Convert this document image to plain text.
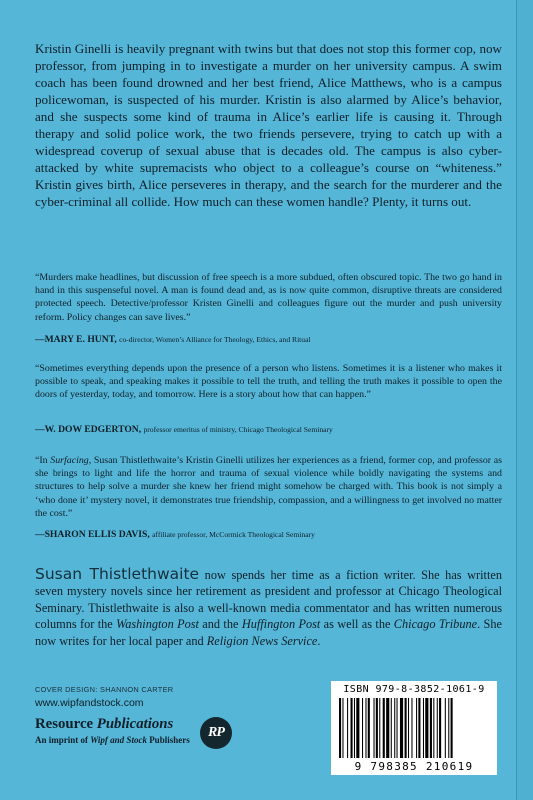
Kristin Ginelli is heavily pregnant with twins but that does not stop this former cop, now professor, from jumping in to investigate a murder on her university campus. A swim coach has been found drowned and her best friend, Alice Matthews, who is a campus policewoman, is suspected of his murder. Kristin is also alarmed by Alice’s behavior, and she suspects some kind of trauma in Alice’s earlier life is causing it. Through therapy and solid police work, the two friends persevere, trying to catch up with a widespread coverup of sexual abuse that is decades old. The campus is also cyber-attacked by white supremacists who object to a colleague’s course on “whiteness.” Kristin gives birth, Alice perseveres in therapy, and the search for the murderer and the cyber-criminal all collide. How much can these women handle? Plenty, it turns out.

“Murders make headlines, but discussion of free speech is a more subdued, often obscured topic. The two go hand in hand in this suspenseful novel. A man is found dead and, as is now quite common, disruptive threats are considered protected speech. Detective/professor Kristen Ginelli and colleagues figure out the murder and push university reform. Policy changes can save lives.”

—MARY E. HUNT, co-director, Women’s Alliance for Theology, Ethics, and Ritual

“Sometimes everything depends upon the presence of a person who listens. Sometimes it is a listener who makes it possible to speak, and speaking makes it possible to tell the truth, and telling the truth makes it possible to open the doors of yesterday, today, and tomorrow. Here is a story about how that can happen.”

—W. DOW EDGERTON, professor emeritus of ministry, Chicago Theological Seminary

“In Surfacing, Susan Thistlethwaite’s Kristin Ginelli utilizes her experiences as a friend, former cop, and professor as she brings to light and life the horror and trauma of sexual violence while boldly navigating the systems and structures to help solve a murder she knew her friend might somehow be charged with. This book is not simply a ‘who done it’ mystery novel, it demonstrates true friendship, compassion, and a willingness to get involved no matter the cost.”

—SHARON ELLIS DAVIS, affiliate professor, McCormick Theological Seminary

Susan Thistlethwaite now spends her time as a fiction writer. She has written seven mystery novels since her retirement as president and professor at Chicago Theological Seminary. Thistlethwaite is also a well-known media commentator and has written numerous columns for the Washington Post and the Huffington Post as well as the Chicago Tribune. She now writes for her local paper and Religion News Service.

COVER DESIGN: SHANNON CARTER
www.wipfandstock.com
Resource Publications
An imprint of Wipf and Stock Publishers	RP
ISBN 979-8-3852-1061-9
9 798385 210619
